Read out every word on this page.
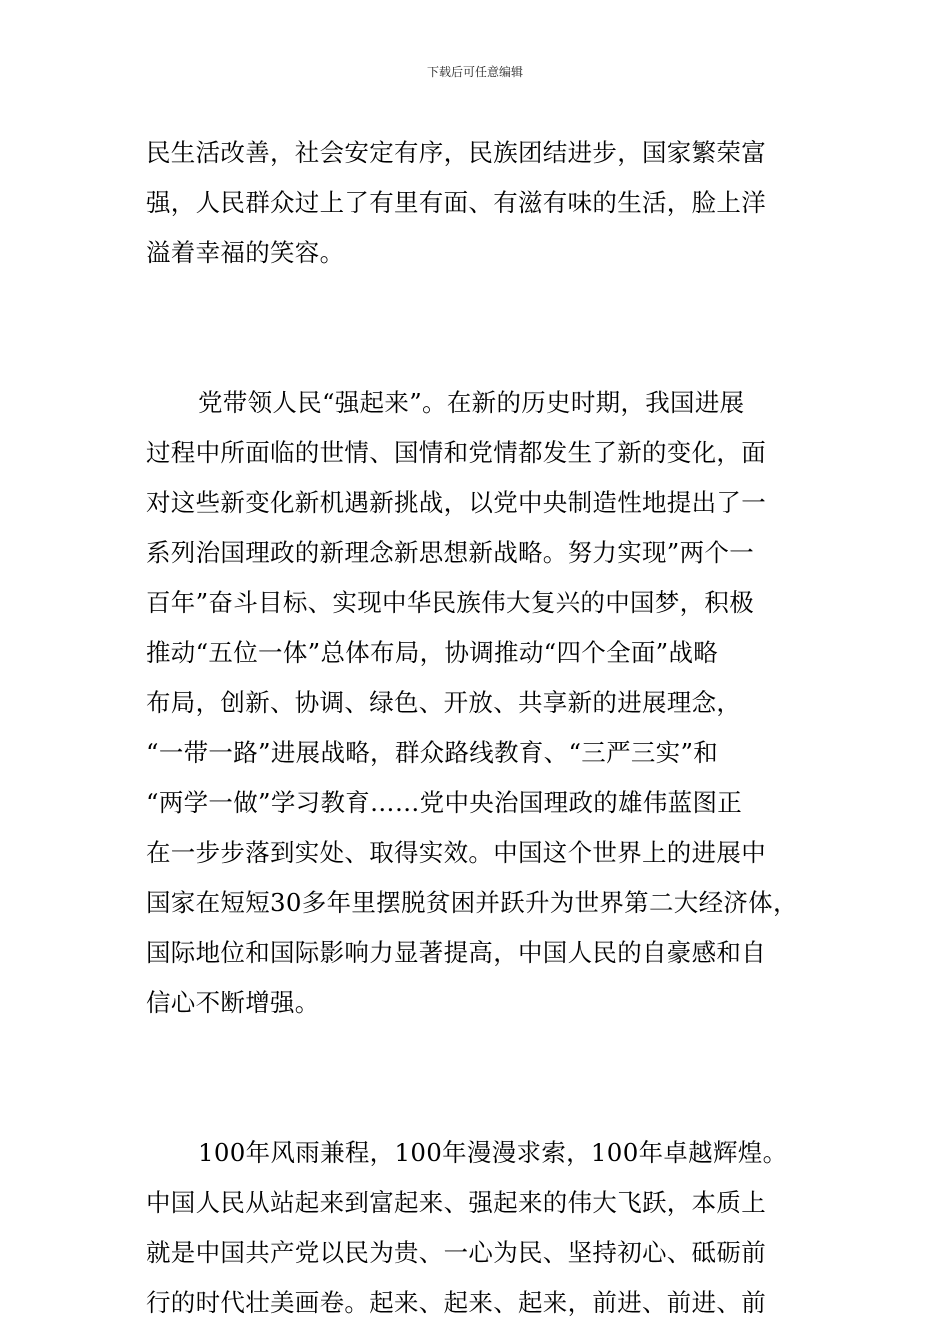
下载后可任意编辑
民生活改善，社会安定有序，民族团结进步，国家繁荣富
强，人民群众过上了有里有面、有滋有味的生活，脸上洋
溢着幸福的笑容。
党带领人民“强起来”。在新的历史时期，我国进展
过程中所面临的世情、国情和党情都发生了新的变化，面
对这些新变化新机遇新挑战，以党中央制造性地提出了一
系列治国理政的新理念新思想新战略。努力实现”两个一
百年”奋斗目标、实现中华民族伟大复兴的中国梦，积极
推动“五位一体”总体布局，协调推动“四个全面”战略
布局，创新、协调、绿色、开放、共享新的进展理念，
“一带一路”进展战略，群众路线教育、“三严三实”和
“两学一做”学习教育……党中央治国理政的雄伟蓝图正
在一步步落到实处、取得实效。中国这个世界上的进展中
国家在短短30多年里摆脱贫困并跃升为世界第二大经济体，
国际地位和国际影响力显著提高，中国人民的自豪感和自
信心不断增强。
100年风雨兼程，100年漫漫求索，100年卓越辉煌。
中国人民从站起来到富起来、强起来的伟大飞跃，本质上
就是中国共产党以民为贵、一心为民、坚持初心、砥砺前
行的时代壮美画卷。起来、起来、起来，前进、前进、前
